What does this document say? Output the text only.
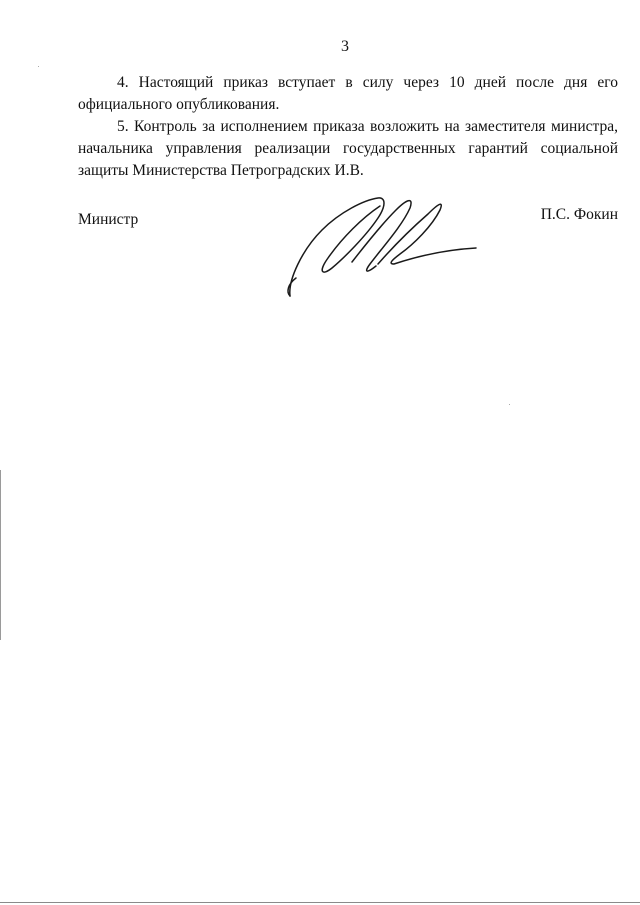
3

4. Настоящий приказ вступает в силу через 10 дней после дня его официального опубликования.

5. Контроль за исполнением приказа возложить на заместителя министра, начальника управления реализации государственных гарантий социальной защиты Министерства Петроградских И.В.

Министр	П.С. Фокин
